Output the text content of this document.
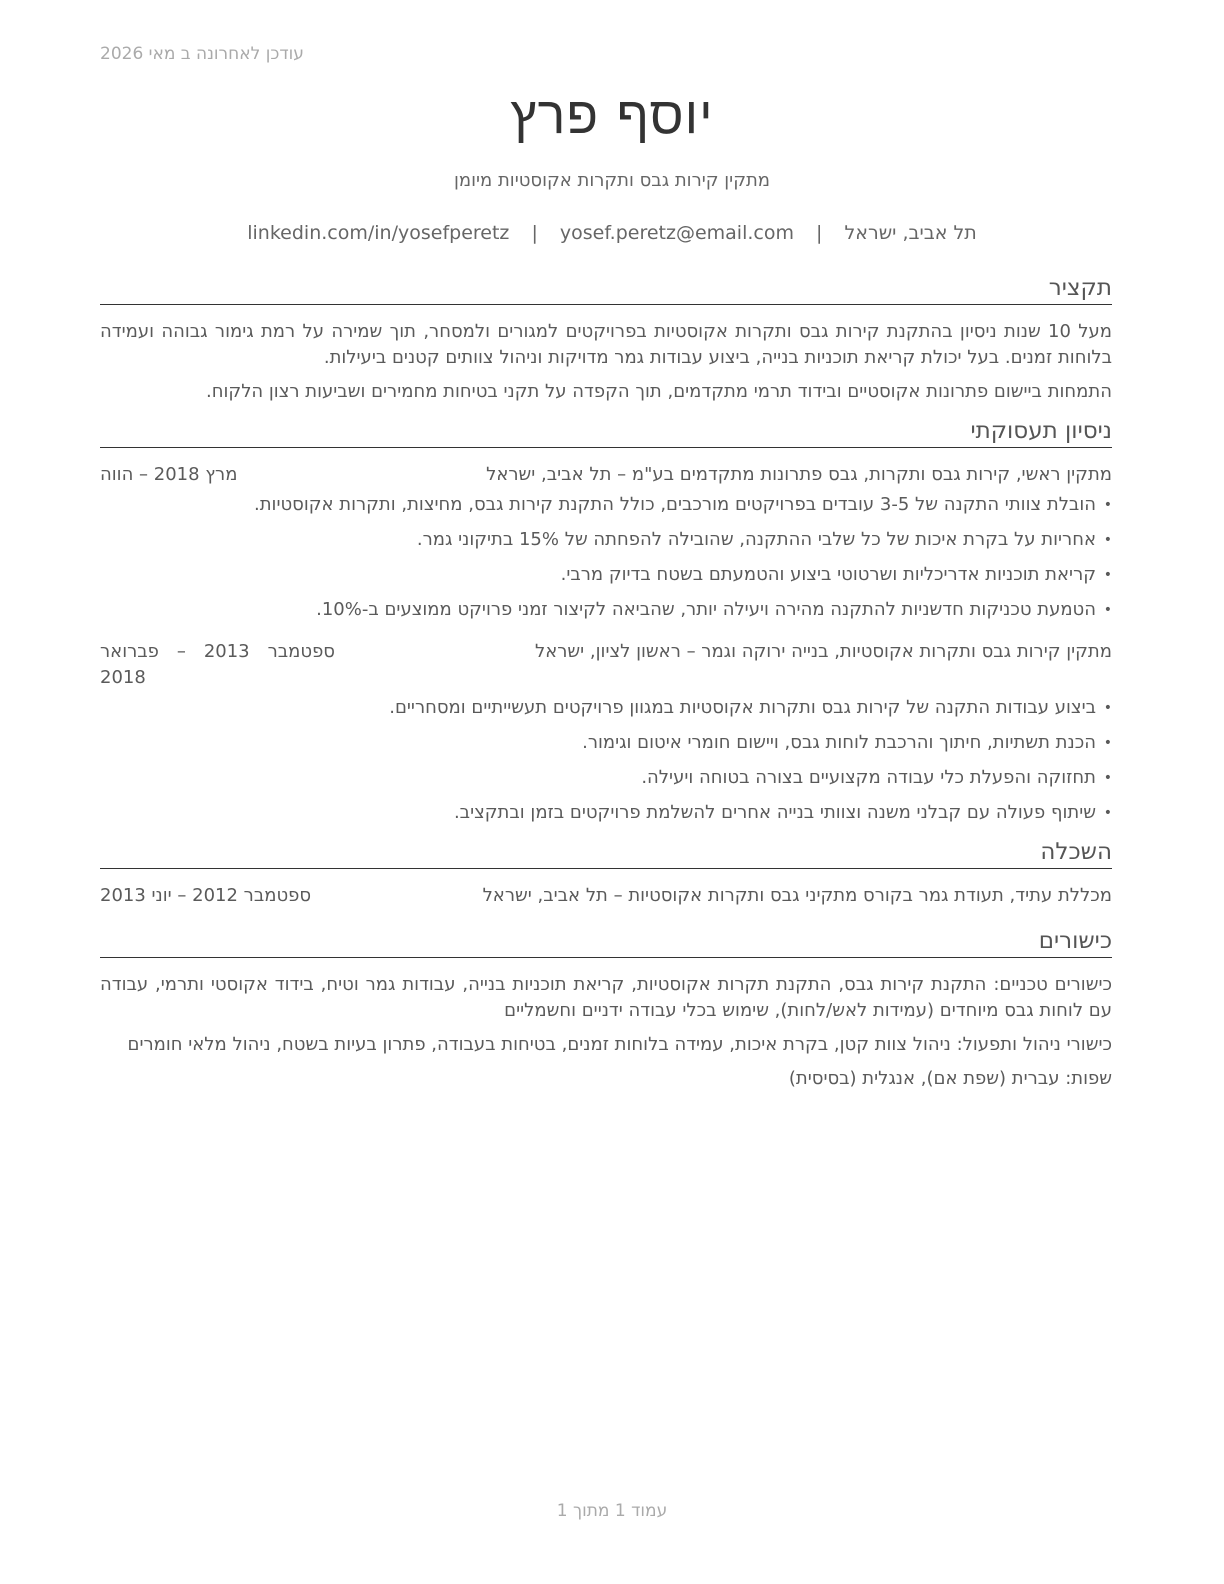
עודכן לאחרונה ב מאי 2026
יוסף פרץ
מתקין קירות גבס ותקרות אקוסטיות מיומן
תל אביב, ישראל | yosef.peretz@email.com | linkedin.com/in/yosefperetz
תקציר

מעל 10 שנות ניסיון בהתקנת קירות גבס ותקרות אקוסטיות בפרויקטים למגורים ולמסחר, תוך שמירה על רמת גימור גבוהה ועמידה בלוחות זמנים. בעל יכולת קריאת תוכניות בנייה, ביצוע עבודות גמר מדויקות וניהול צוותים קטנים ביעילות.

התמחות ביישום פתרונות אקוסטיים ובידוד תרמי מתקדמים, תוך הקפדה על תקני בטיחות מחמירים ושביעות רצון הלקוח.

ניסיון תעסוקתי
מתקין ראשי, קירות גבס ותקרות, גבס פתרונות מתקדמים בע"מ – תל אביב, ישראל
מרץ 2018 – הווה
• הובלת צוותי התקנה של 3-5 עובדים בפרויקטים מורכבים, כולל התקנת קירות גבס, מחיצות, ותקרות אקוסטיות.
• אחריות על בקרת איכות של כל שלבי ההתקנה, שהובילה להפחתה של 15% בתיקוני גמר.
• קריאת תוכניות אדריכליות ושרטוטי ביצוע והטמעתם בשטח בדיוק מרבי.
• הטמעת טכניקות חדשניות להתקנה מהירה ויעילה יותר, שהביאה לקיצור זמני פרויקט ממוצעים ב-10%.
מתקין קירות גבס ותקרות אקוסטיות, בנייה ירוקה וגמר – ראשון לציון, ישראל
ספטמבר 2013 – פברואר 2018
• ביצוע עבודות התקנה של קירות גבס ותקרות אקוסטיות במגוון פרויקטים תעשייתיים ומסחריים.
• הכנת תשתיות, חיתוך והרכבת לוחות גבס, ויישום חומרי איטום וגימור.
• תחזוקה והפעלת כלי עבודה מקצועיים בצורה בטוחה ויעילה.
• שיתוף פעולה עם קבלני משנה וצוותי בנייה אחרים להשלמת פרויקטים בזמן ובתקציב.
השכלה
מכללת עתיד, תעודת גמר בקורס מתקיני גבס ותקרות אקוסטיות – תל אביב, ישראל
ספטמבר 2012 – יוני 2013
כישורים

כישורים טכניים: התקנת קירות גבס, התקנת תקרות אקוסטיות, קריאת תוכניות בנייה, עבודות גמר וטיח, בידוד אקוסטי ותרמי, עבודה עם לוחות גבס מיוחדים (עמידות לאש/לחות), שימוש בכלי עבודה ידניים וחשמליים

כישורי ניהול ותפעול: ניהול צוות קטן, בקרת איכות, עמידה בלוחות זמנים, בטיחות בעבודה, פתרון בעיות בשטח, ניהול מלאי חומרים

שפות: עברית (שפת אם), אנגלית (בסיסית)

עמוד 1 מתוך 1
